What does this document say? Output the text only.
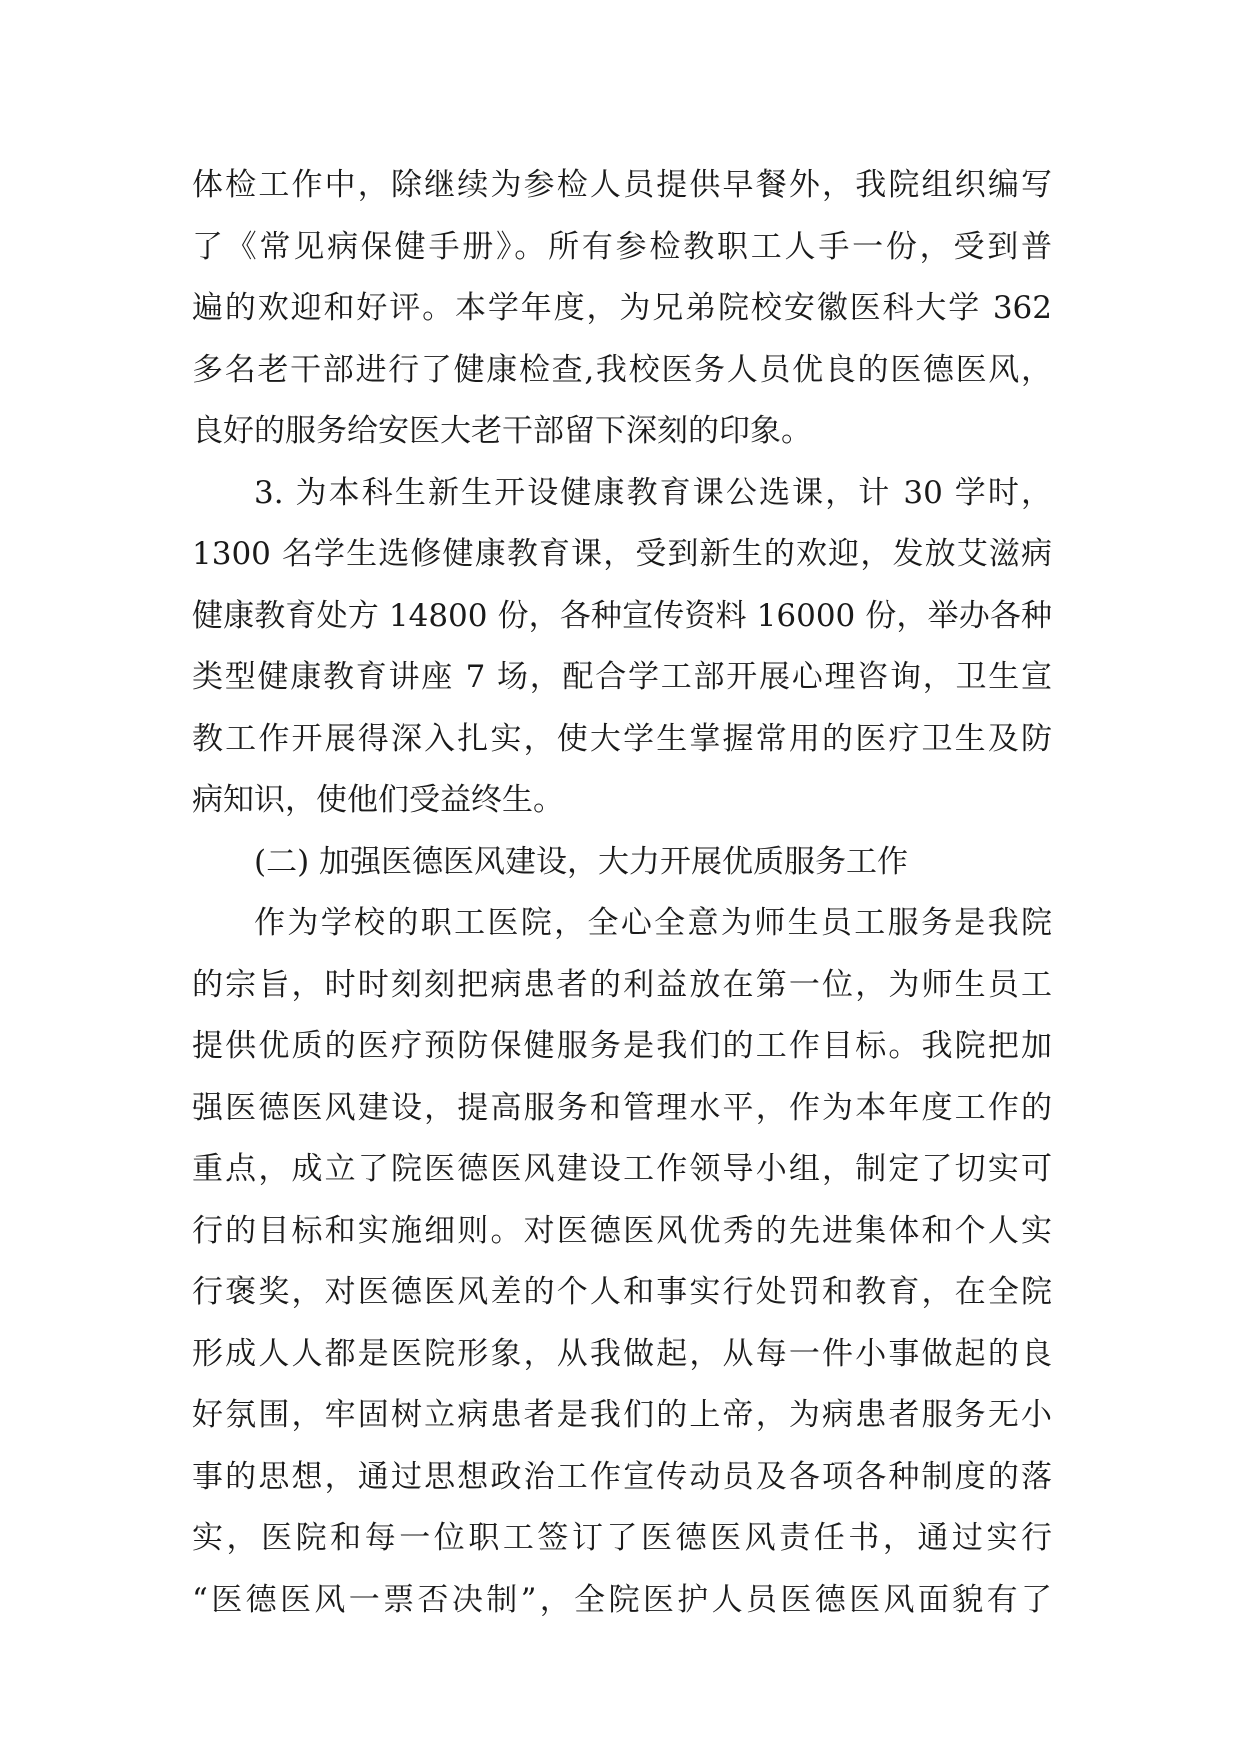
体检工作中，除继续为参检人员提供早餐外，我院组织编写
了《常见病保健手册》。所有参检教职工人手一份，受到普
遍的欢迎和好评。本学年度，为兄弟院校安徽医科大学 362
多名老干部进行了健康检查,我校医务人员优良的医德医风，
良好的服务给安医大老干部留下深刻的印象。
3. 为本科生新生开设健康教育课公选课，计 30 学时，
1300 名学生选修健康教育课，受到新生的欢迎，发放艾滋病
健康教育处方 14800 份，各种宣传资料 16000 份，举办各种
类型健康教育讲座 7 场，配合学工部开展心理咨询，卫生宣
教工作开展得深入扎实，使大学生掌握常用的医疗卫生及防
病知识，使他们受益终生。
(二) 加强医德医风建设，大力开展优质服务工作
作为学校的职工医院，全心全意为师生员工服务是我院
的宗旨，时时刻刻把病患者的利益放在第一位，为师生员工
提供优质的医疗预防保健服务是我们的工作目标。我院把加
强医德医风建设，提高服务和管理水平，作为本年度工作的
重点，成立了院医德医风建设工作领导小组，制定了切实可
行的目标和实施细则。对医德医风优秀的先进集体和个人实
行褒奖，对医德医风差的个人和事实行处罚和教育，在全院
形成人人都是医院形象，从我做起，从每一件小事做起的良
好氛围，牢固树立病患者是我们的上帝，为病患者服务无小
事的思想，通过思想政治工作宣传动员及各项各种制度的落
实，医院和每一位职工签订了医德医风责任书，通过实行
“医德医风一票否决制”，全院医护人员医德医风面貌有了
